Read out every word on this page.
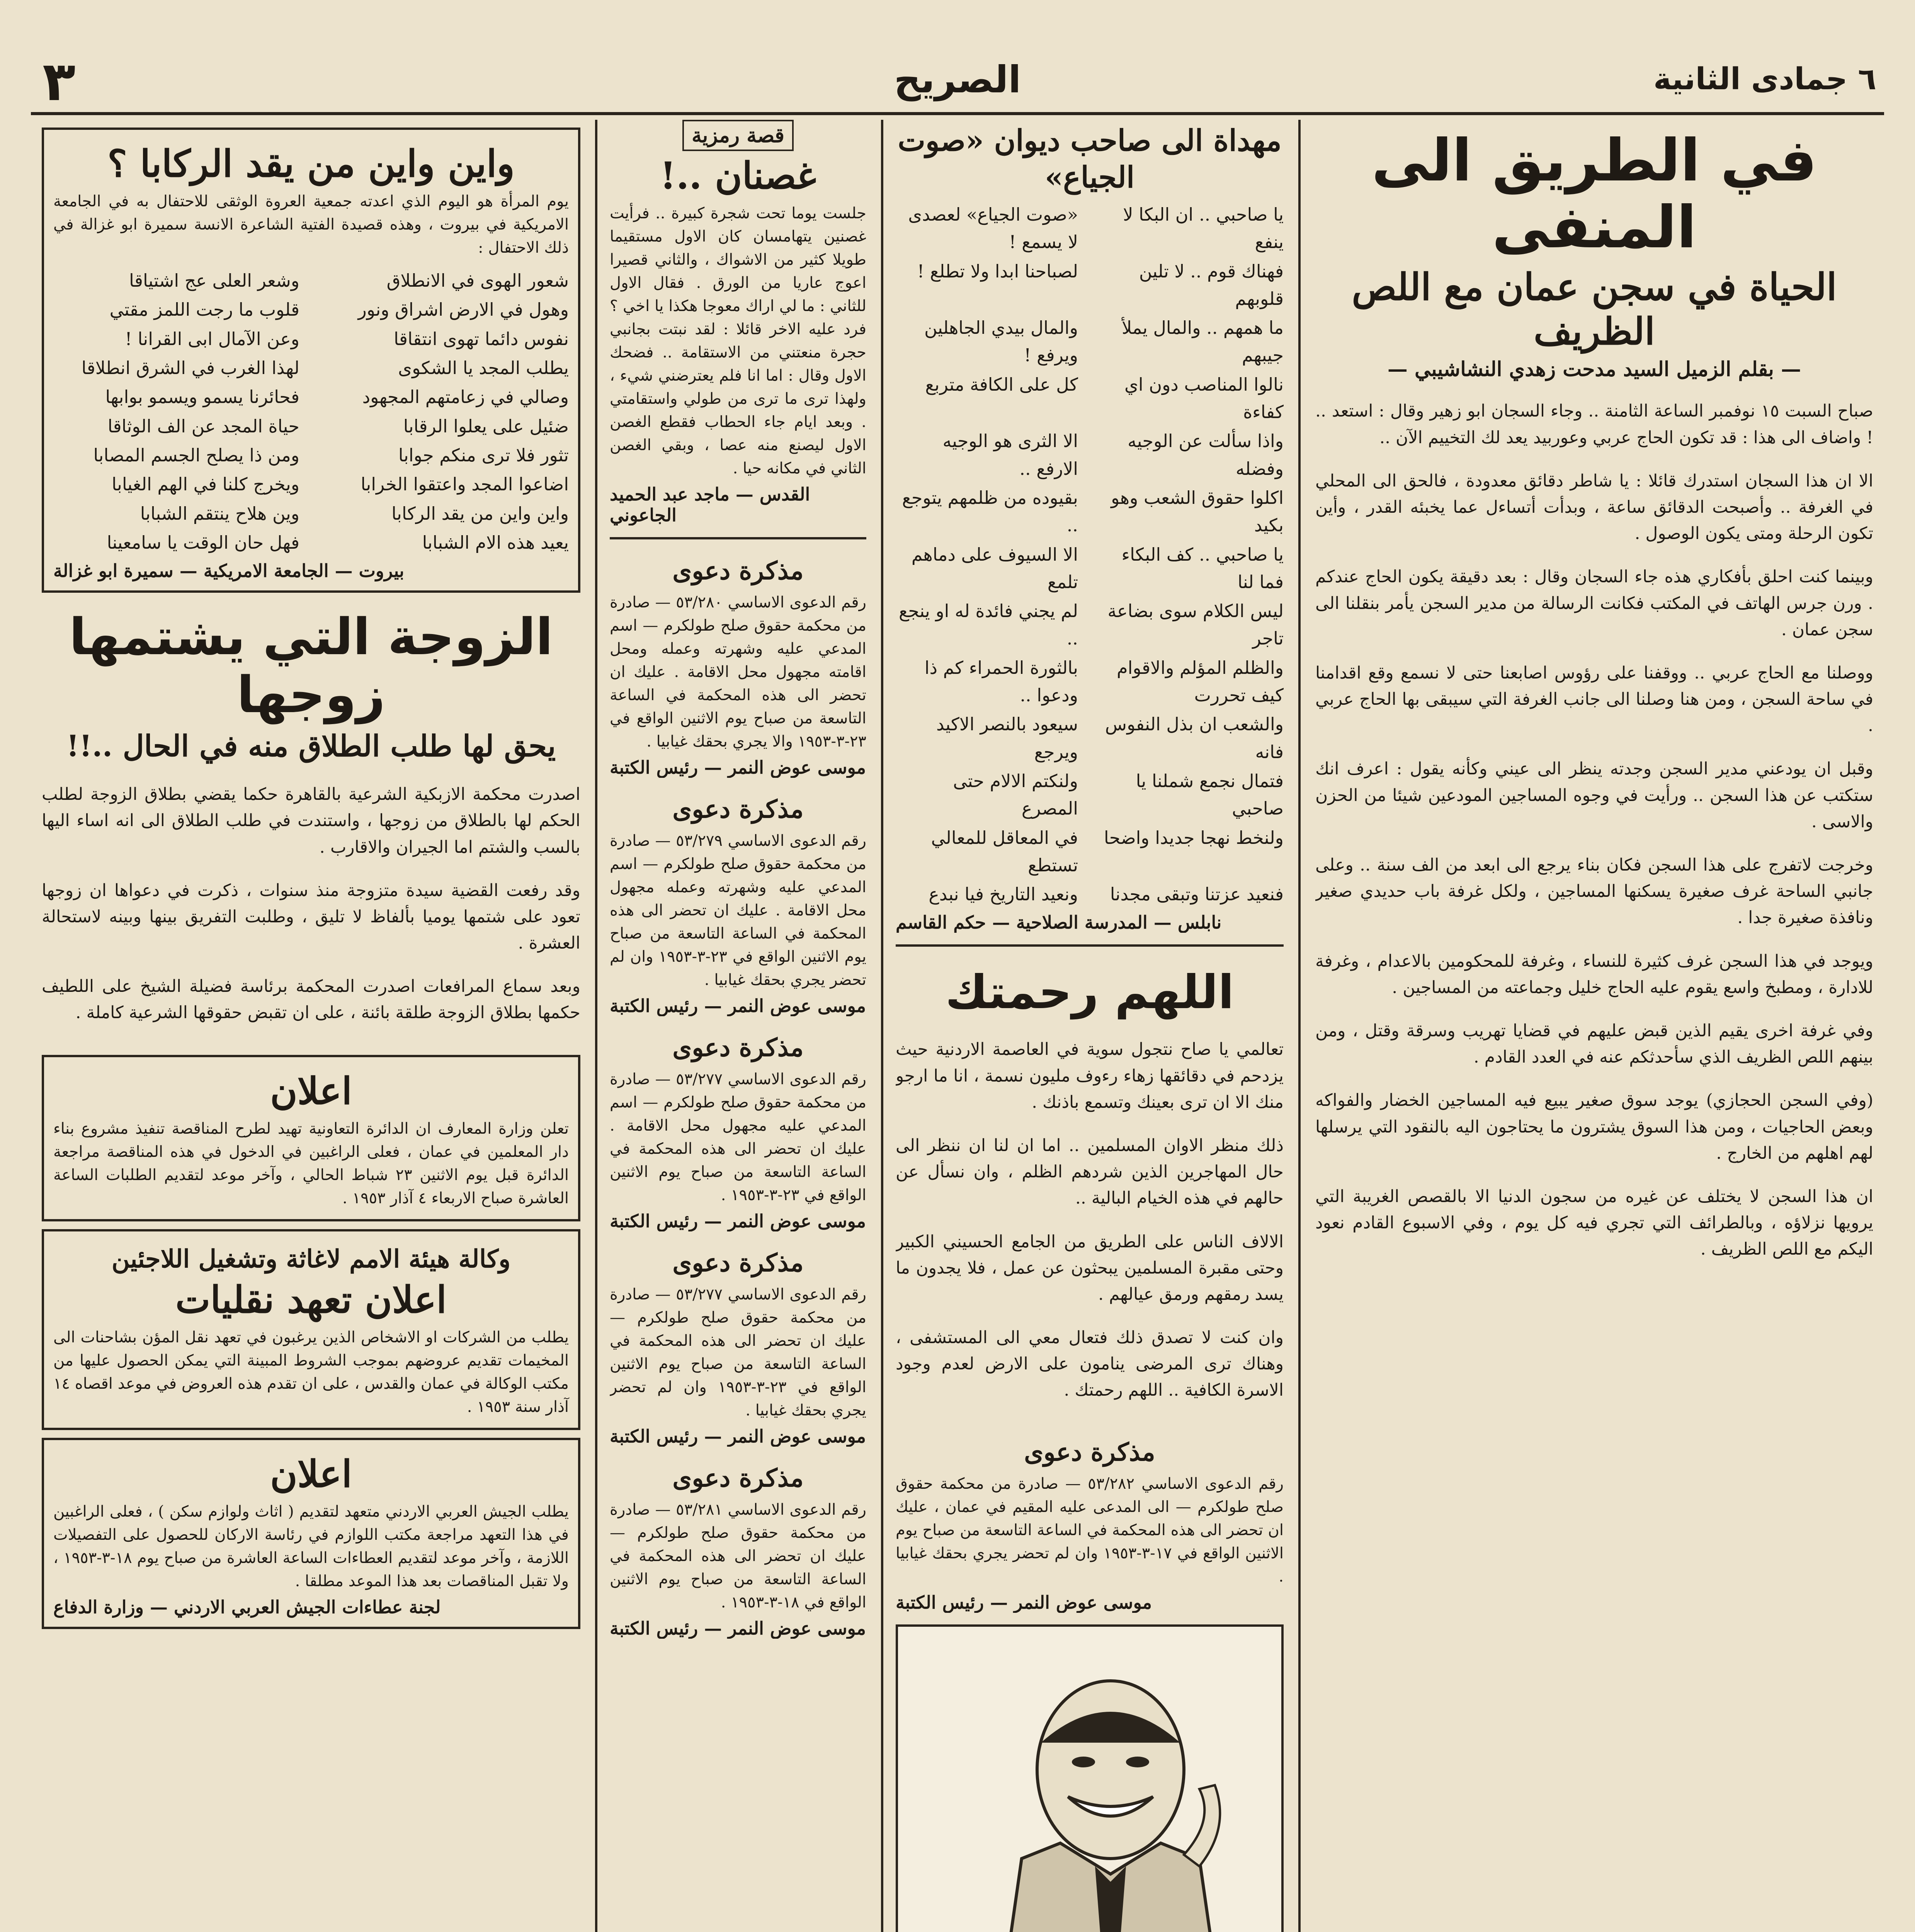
٦ جمادى الثانية
الصريح
٣
في الطريق الى المنفى
الحياة في سجن عمان مع اللص الظريف
— بقلم الزميل السيد مدحت زهدي النشاشيبي —

صباح السبت ١٥ نوفمبر الساعة الثامنة .. وجاء السجان ابو زهير وقال : استعد .. ! واضاف الى هذا : قد تكون الحاج عربي وعوربيد يعد لك التخييم الآن ..

الا ان هذا السجان استدرك قائلا : يا شاطر دقائق معدودة ، فالحق الى المحلي في الغرفة .. وأصبحت الدقائق ساعة ، وبدأت أتساءل عما يخبئه القدر ، وأين تكون الرحلة ومتى يكون الوصول .

وبينما كنت احلق بأفكاري هذه جاء السجان وقال : بعد دقيقة يكون الحاج عندكم . ورن جرس الهاتف في المكتب فكانت الرسالة من مدير السجن يأمر بنقلنا الى سجن عمان .

ووصلنا مع الحاج عربي .. ووقفنا على رؤوس اصابعنا حتى لا نسمع وقع اقدامنا في ساحة السجن ، ومن هنا وصلنا الى جانب الغرفة التي سيبقى بها الحاج عربي .

وقبل ان يودعني مدير السجن وجدته ينظر الى عيني وكأنه يقول : اعرف انك ستكتب عن هذا السجن .. ورأيت في وجوه المساجين المودعين شيئا من الحزن والاسى .

وخرجت لاتفرج على هذا السجن فكان بناء يرجع الى ابعد من الف سنة .. وعلى جانبي الساحة غرف صغيرة يسكنها المساجين ، ولكل غرفة باب حديدي صغير ونافذة صغيرة جدا .

ويوجد في هذا السجن غرف كثيرة للنساء ، وغرفة للمحكومين بالاعدام ، وغرفة للادارة ، ومطبخ واسع يقوم عليه الحاج خليل وجماعته من المساجين .

وفي غرفة اخرى يقيم الذين قبض عليهم في قضايا تهريب وسرقة وقتل ، ومن بينهم اللص الظريف الذي سأحدثكم عنه في العدد القادم .

(وفي السجن الحجازي) يوجد سوق صغير يبيع فيه المساجين الخضار والفواكه وبعض الحاجيات ، ومن هذا السوق يشترون ما يحتاجون اليه بالنقود التي يرسلها لهم اهلهم من الخارج .

ان هذا السجن لا يختلف عن غيره من سجون الدنيا الا بالقصص الغريبة التي يرويها نزلاؤه ، وبالطرائف التي تجري فيه كل يوم ، وفي الاسبوع القادم نعود اليكم مع اللص الظريف .

مهداة الى صاحب ديوان «صوت الجياع»
يا صاحبي .. ان البكا لا ينفع
«صوت الجياع» لعصدى لا يسمع !
فهناك قوم .. لا تلين قلوبهم
لصباحنا ابدا ولا تطلع !
ما همهم .. والمال يملأ جيبهم
والمال بيدي الجاهلين ويرفع !
نالوا المناصب دون اي كفاءة
كل على الكافة متربع
واذا سألت عن الوجيه وفضله
الا الثرى هو الوجيه الارفع ..
اكلوا حقوق الشعب وهو بكيد
بقيوده من ظلمهم يتوجع ..
يا صاحبي .. كف البكاء فما لنا
الا السيوف على دماهم تلمع
ليس الكلام سوى بضاعة تاجر
لم يجني فائدة له او ينجع ..
والظلم المؤلم والاقوام كيف تحررت
بالثورة الحمراء كم ذا ودعوا ..
والشعب ان بذل النفوس فانه
سيعود بالنصر الاكيد ويرجع
فتمال نجمع شملنا يا صاحبي
ولنكتم الالام حتى المصرع
ولنخط نهجا جديدا واضحا
في المعاقل للمعالي تستطع
فنعيد عزتنا وتبقى مجدنا
ونعيد التاريخ فيا نبدع
نابلس — المدرسة الصلاحية — حكم القاسم
اللهم رحمتك

تعالمي يا صاح نتجول سوية في العاصمة الاردنية حيث يزدحم في دقائقها زهاء رءوف مليون نسمة ، انا ما ارجو منك الا ان ترى بعينك وتسمع باذنك .

ذلك منظر الاوان المسلمين .. اما ان لنا ان ننظر الى حال المهاجرين الذين شردهم الظلم ، وان نسأل عن حالهم في هذه الخيام البالية ..

الالاف الناس على الطريق من الجامع الحسيني الكبير وحتى مقبرة المسلمين يبحثون عن عمل ، فلا يجدون ما يسد رمقهم ورمق عيالهم .

وان كنت لا تصدق ذلك فتعال معي الى المستشفى ، وهناك ترى المرضى ينامون على الارض لعدم وجود الاسرة الكافية .. اللهم رحمتك .

مذكرة دعوى
رقم الدعوى الاساسي ٥٣/٢٨٢ — صادرة من محكمة حقوق صلح طولكرم — الى المدعى عليه المقيم في عمان ، عليك ان تحضر الى هذه المحكمة في الساعة التاسعة من صباح يوم الاثنين الواقع في ١٧-٣-١٩٥٣ وان لم تحضر يجري بحقك غيابيا .
موسى عوض النمر — رئيس الكتبة
قصة رمزية
غصنان ..!
جلست يوما تحت شجرة كبيرة .. فرأيت غصنين يتهامسان كان الاول مستقيما طويلا كثير من الاشواك ، والثاني قصيرا اعوج عاريا من الورق . فقال الاول للثاني : ما لي اراك معوجا هكذا يا اخي ؟ فرد عليه الاخر قائلا : لقد نبتت بجانبي حجرة منعتني من الاستقامة .. فضحك الاول وقال : اما انا فلم يعترضني شيء ، ولهذا ترى ما ترى من طولي واستقامتي . وبعد ايام جاء الحطاب فقطع الغصن الاول ليصنع منه عصا ، وبقي الغصن الثاني في مكانه حيا .
القدس — ماجد عبد الحميد الجاعوني
مذكرة دعوى
رقم الدعوى الاساسي ٥٣/٢٨٠ — صادرة من محكمة حقوق صلح طولكرم — اسم المدعي عليه وشهرته وعمله ومحل اقامته مجهول محل الاقامة . عليك ان تحضر الى هذه المحكمة في الساعة التاسعة من صباح يوم الاثنين الواقع في ٢٣-٣-١٩٥٣ والا يجري بحقك غيابيا .
موسى عوض النمر — رئيس الكتبة
مذكرة دعوى
رقم الدعوى الاساسي ٥٣/٢٧٩ — صادرة من محكمة حقوق صلح طولكرم — اسم المدعي عليه وشهرته وعمله مجهول محل الاقامة . عليك ان تحضر الى هذه المحكمة في الساعة التاسعة من صباح يوم الاثنين الواقع في ٢٣-٣-١٩٥٣ وان لم تحضر يجري بحقك غيابيا .
موسى عوض النمر — رئيس الكتبة
مذكرة دعوى
رقم الدعوى الاساسي ٥٣/٢٧٧ — صادرة من محكمة حقوق صلح طولكرم — اسم المدعي عليه مجهول محل الاقامة . عليك ان تحضر الى هذه المحكمة في الساعة التاسعة من صباح يوم الاثنين الواقع في ٢٣-٣-١٩٥٣ .
موسى عوض النمر — رئيس الكتبة
مذكرة دعوى
رقم الدعوى الاساسي ٥٣/٢٧٧ — صادرة من محكمة حقوق صلح طولكرم — عليك ان تحضر الى هذه المحكمة في الساعة التاسعة من صباح يوم الاثنين الواقع في ٢٣-٣-١٩٥٣ وان لم تحضر يجري بحقك غيابيا .
موسى عوض النمر — رئيس الكتبة
مذكرة دعوى
رقم الدعوى الاساسي ٥٣/٢٨١ — صادرة من محكمة حقوق صلح طولكرم — عليك ان تحضر الى هذه المحكمة في الساعة التاسعة من صباح يوم الاثنين الواقع في ١٨-٣-١٩٥٣ .
موسى عوض النمر — رئيس الكتبة
واين واين من يقد الركابا ؟
يوم المرأة هو اليوم الذي اعدته جمعية العروة الوثقى للاحتفال به في الجامعة الامريكية في بيروت ، وهذه قصيدة الفتية الشاعرة الانسة سميرة ابو غزالة في ذلك الاحتفال :
شعور الهوى في الانطلاق
وشعر العلى عج اشتياقا
وهول في الارض اشراق ونور
قلوب ما رجت اللمز مقتي
نفوس دائما تهوى انتقاقا
وعن الآمال ابى القرانا !
يطلب المجد يا الشكوى
لهذا الغرب في الشرق انطلاقا
وصالي في زعامتهم المجهود
فحائرنا يسمو ويسمو بوابها
ضئيل على يعلوا الرقابا
حياة المجد عن الف الوثاقا
تثور فلا ترى منكم جوابا
ومن ذا يصلح الجسم المصابا
اضاعوا المجد واعتقوا الخرابا
ويخرج كلنا في الهم الغيابا
واين واين من يقد الركابا
وين هلاح ينتقم الشبابا
يعيد هذه الام الشبابا
فهل حان الوقت يا سامعينا
بيروت — الجامعة الامريكية — سميرة ابو غزالة
الزوجة التي يشتمها زوجها
يحق لها طلب الطلاق منه في الحال ..!!

اصدرت محكمة الازبكية الشرعية بالقاهرة حكما يقضي بطلاق الزوجة لطلب الحكم لها بالطلاق من زوجها ، واستندت في طلب الطلاق الى انه اساء اليها بالسب والشتم اما الجيران والاقارب .

وقد رفعت القضية سيدة متزوجة منذ سنوات ، ذكرت في دعواها ان زوجها تعود على شتمها يوميا بألفاظ لا تليق ، وطلبت التفريق بينها وبينه لاستحالة العشرة .

وبعد سماع المرافعات اصدرت المحكمة برئاسة فضيلة الشيخ على اللطيف حكمها بطلاق الزوجة طلقة بائنة ، على ان تقبض حقوقها الشرعية كاملة .

اعلان
تعلن وزارة المعارف ان الدائرة التعاونية تهيد لطرح المناقصة تنفيذ مشروع بناء دار المعلمين في عمان ، فعلى الراغبين في الدخول في هذه المناقصة مراجعة الدائرة قبل يوم الاثنين ٢٣ شباط الحالي ، وآخر موعد لتقديم الطلبات الساعة العاشرة صباح الاربعاء ٤ آذار ١٩٥٣ .
وكالة هيئة الامم لاغاثة وتشغيل اللاجئين
اعلان تعهد نقليات
يطلب من الشركات او الاشخاص الذين يرغبون في تعهد نقل المؤن بشاحنات الى المخيمات تقديم عروضهم بموجب الشروط المبينة التي يمكن الحصول عليها من مكتب الوكالة في عمان والقدس ، على ان تقدم هذه العروض في موعد اقصاه ١٤ آذار سنة ١٩٥٣ .
اعلان
يطلب الجيش العربي الاردني متعهد لتقديم ( اثاث ولوازم سكن ) ، فعلى الراغبين في هذا التعهد مراجعة مكتب اللوازم في رئاسة الاركان للحصول على التفصيلات اللازمة ، وآخر موعد لتقديم العطاءات الساعة العاشرة من صباح يوم ١٨-٣-١٩٥٣ ، ولا تقبل المناقصات بعد هذا الموعد مطلقا .
لجنة عطاءات الجيش العربي الاردني — وزارة الدفاع
